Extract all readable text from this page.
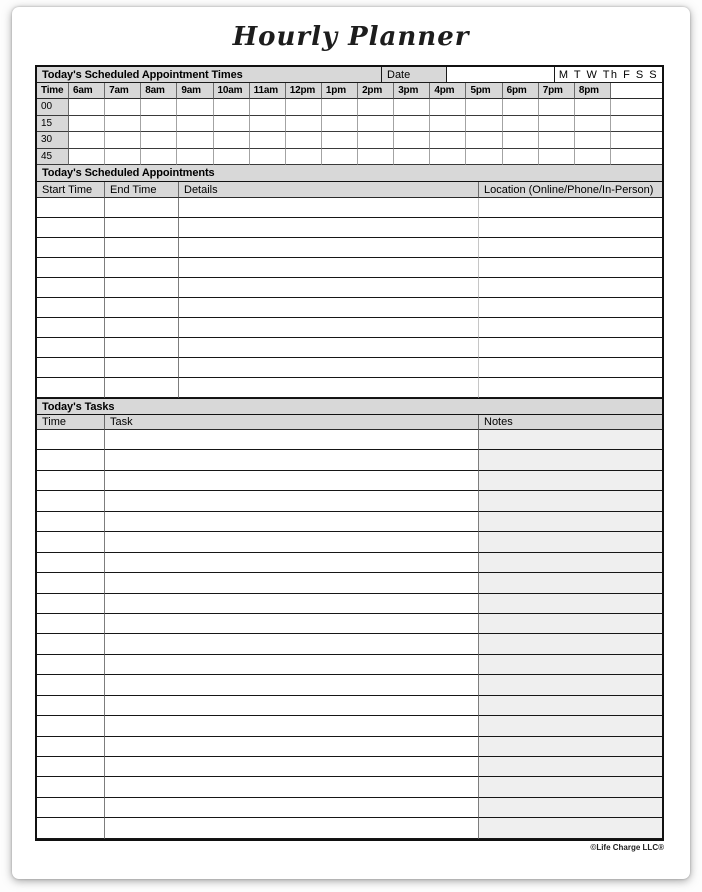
Hourly Planner
Today's Scheduled Appointment Times	Date	M T W Th F S S
Time 6am	7am	8am	9am	10am	11am	12pm	1pm	2pm	3pm	4pm	5pm	6pm	7pm	8pm
00
15
30
45
Today's Scheduled Appointments
Start Time	End Time	Details	Location (Online/Phone/In-Person)
Today's Tasks
Time	Task	Notes
©Life Charge LLC®
